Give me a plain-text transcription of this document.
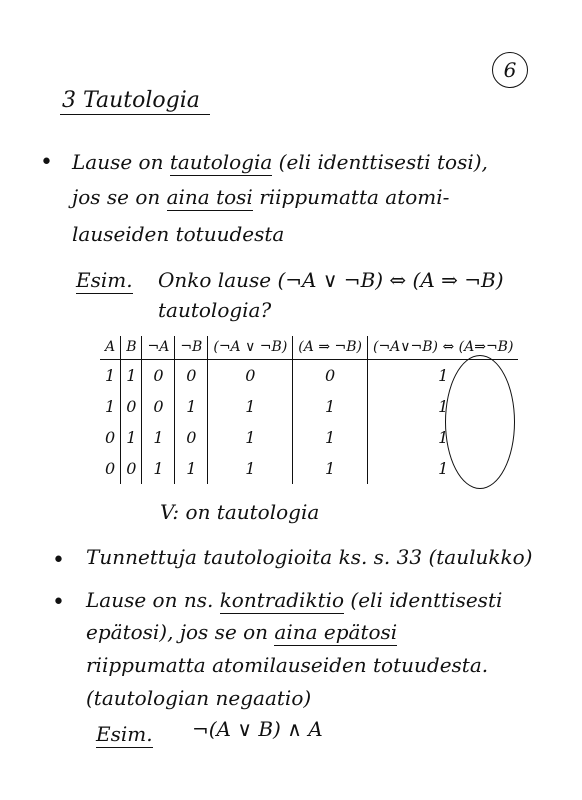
6
3 Tautologia
• Lause on tautologia (eli identtisesti tosi),
jos se on aina tosi riippumatta atomi-
lauseiden totuudesta
Esim. Onko lause (¬A ∨ ¬B) ⇔ (A ⇒ ¬B)
tautologia?
A	B	¬A	¬B	(¬A ∨ ¬B)	(A ⇒ ¬B)	(¬A∨¬B) ⇔ (A⇒¬B)
1	1	0	0	0	0	1
1	0	0	1	1	1	1
0	1	1	0	1	1	1
0	0	1	1	1	1	1
V: on tautologia
• Tunnettuja tautologioita ks. s. 33 (taulukko)
• Lause on ns. kontradiktio (eli identtisesti
epätosi), jos se on aina epätosi
riippumatta atomilauseiden totuudesta.
(tautologian negaatio)
Esim. ¬(A ∨ B) ∧ A
